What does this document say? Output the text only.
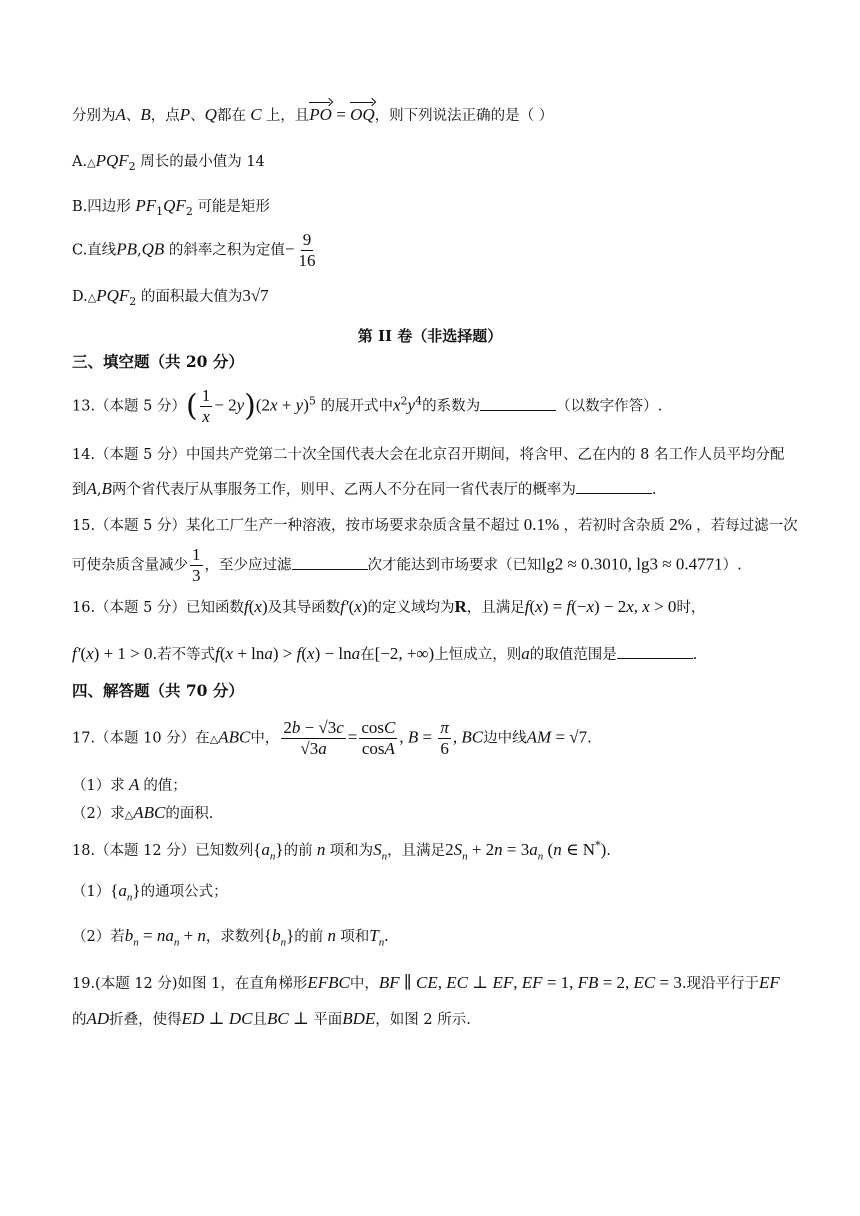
分别为A、B，点P、Q都在 C 上，且PO = OQ，则下列说法正确的是（ ）
$A.\triangle PQF_2$ 周长的最小值为 14
B.四边形 $PF_1QF_2$ 可能是矩形
C.直线PB,QB 的斜率之积为定值− $\frac{9}{16}$
$D.\triangle PQF_2$ 的面积最大值为3√7
第 II 卷（非选择题）
三、填空题（共 20 分）
13.（本题 5 分）( $\frac{1}{x} - 2y)(2x + y)^5$ 的展开式中$x^2y^4$的系数为	（以数字作答）.
14.（本题 5 分）中国共产党第二十次全国代表大会在北京召开期间，将含甲、乙在内的 8 名工作人员平均分配
到A,B两个省代表厅从事服务工作，则甲、乙两人不分在同一省代表厅的概率为	.
15.（本题 5 分）某化工厂生产一种溶液，按市场要求杂质含量不超过 0.1% ，若初时含杂质 2% ，若每过滤一次
可使杂质含量减少 $\frac{1}{3}$ ，至少应过滤	次才能达到市场要求（已知lg2 ≈ 0.3010, lg3 ≈ 0.4771）.
16.（本题 5 分）已知函数f(x)及其导函数f′(x)的定义域均为R，且满足f(x) = f(−x) − 2x, x > 0时，
f′(x) + 1 > 0.若不等式f(x + lna) > f(x) − lna在[−2, +∞)上恒成立，则a的取值范围是	.
四、解答题（共 70 分）
17.（本题 10 分）在△ABC中， $\frac{2b - √3c}{√3a} = \frac{\cos C}{\cos A}$ , $B = \frac{\pi}{6}$ , BC边中线AM = √7.
（1）求 A 的值；
（2）求△ABC的面积.
18.（本题 12 分）已知数列$\{a_n\}$的前 n 项和为$S_n$，且满足$2S_n + 2n = 3a_n$ (n ∈ N*).
$(1)\{a_n\}$的通项公式；
（2）若$b_n = na_n + n$，求数列$\{b_n\}$的前 n 项和$T_n$.
19.(本题 12 分)如图 1，在直角梯形EFBC中，BF ∥ CE, EC ⊥ EF, EF = 1, FB = 2, EC = 3.现沿平行于EF
的AD折叠，使得ED ⊥ DC且BC ⊥ 平面BDE，如图 2 所示.
